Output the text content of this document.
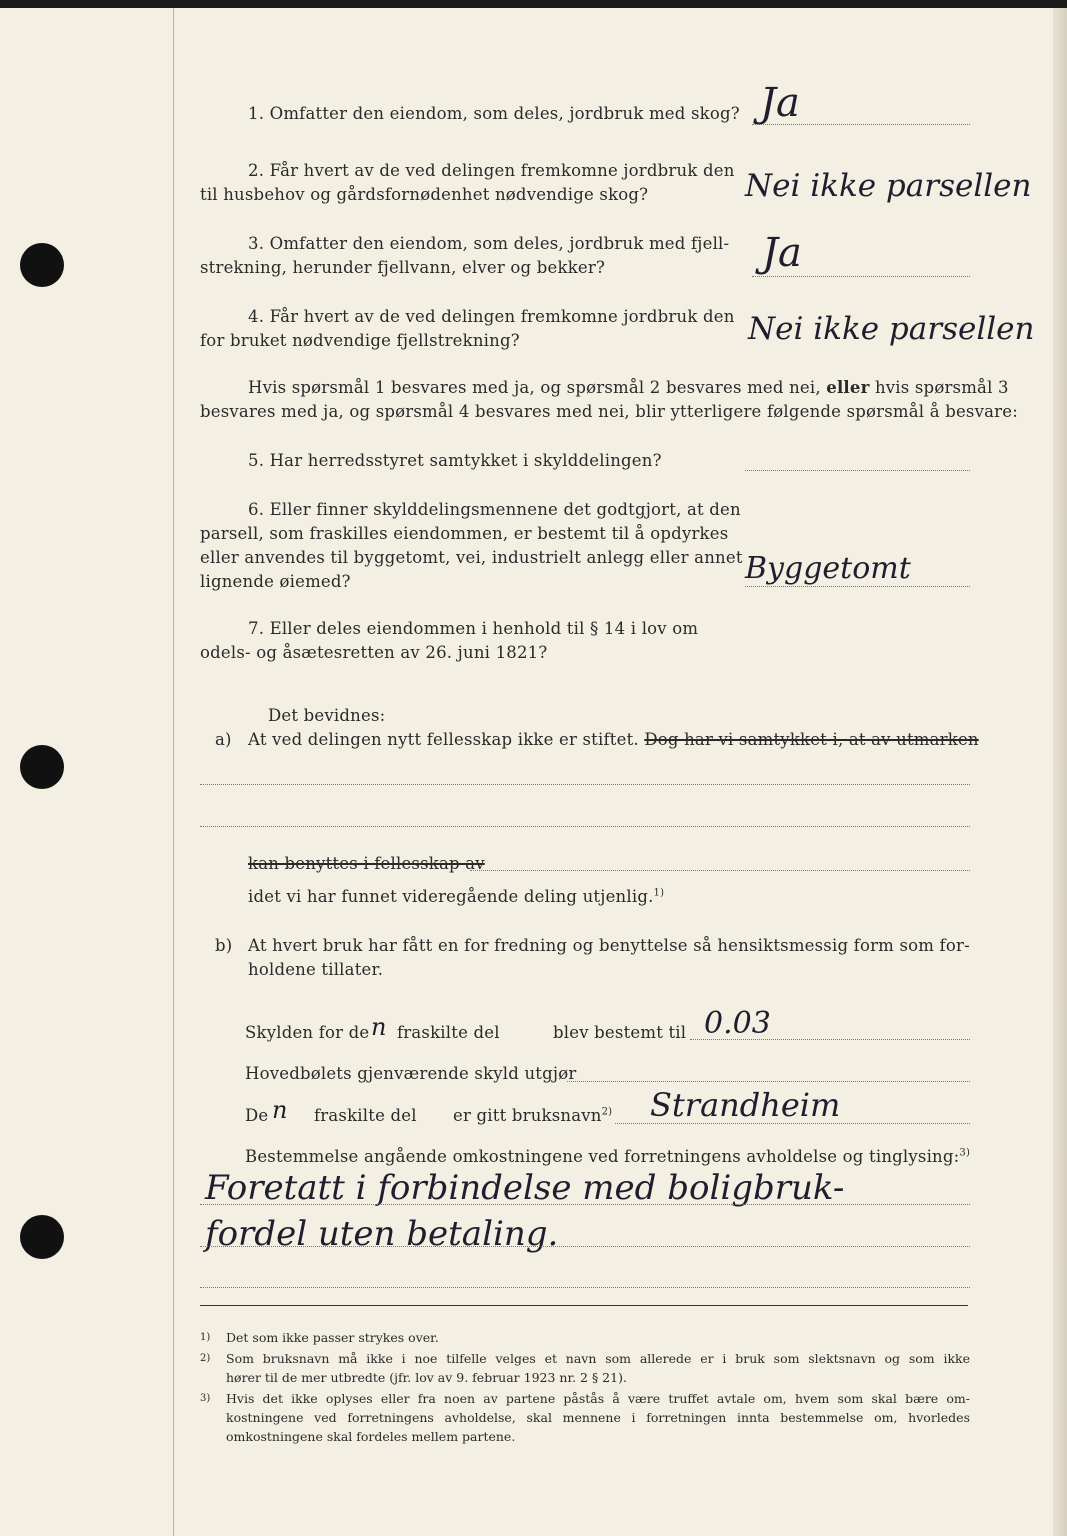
1. Omfatter den eiendom, som deles, jordbruk med skog? Ja
2. Får hvert av de ved delingen fremkomne jordbruk den
til husbehov og gårdsfornødenhet nødvendige skog?	Nei ikke parsellen
3. Omfatter den eiendom, som deles, jordbruk med fjell-
strekning, herunder fjellvann, elver og bekker?	Ja
4. Får hvert av de ved delingen fremkomne jordbruk den
for bruket nødvendige fjellstrekning?	Nei ikke parsellen
Hvis spørsmål 1 besvares med ja, og spørsmål 2 besvares med nei, eller hvis spørsmål 3
besvares med ja, og spørsmål 4 besvares med nei, blir ytterligere følgende spørsmål å besvare:
5. Har herredsstyret samtykket i skylddelingen?
6. Eller finner skylddelingsmennene det godtgjort, at den
parsell, som fraskilles eiendommen, er bestemt til å opdyrkes
eller anvendes til byggetomt, vei, industrielt anlegg eller annet
lignende øiemed?	Byggetomt
7. Eller deles eiendommen i henhold til § 14 i lov om
odels- og åsætesretten av 26. juni 1821?
Det bevidnes:
a) At ved delingen nytt fellesskap ikke er stiftet. Dog har vi samtykket i, at av utmarken
kan benyttes i fellesskap av
idet vi har funnet videregående deling utjenlig.$^{1)}$
b) At hvert bruk har fått en for fredning og benyttelse så hensiktsmessig form som for-
holdene tillater.
Skylden for de n fraskilte del	blev bestemt til 0.03
Hovedbølets gjenværende skyld utgjør
De n fraskilte del er gitt bruksnavn$^{2)}$ Strandheim
Bestemmelse angående omkostningene ved forretningens avholdelse og tinglysing:$^{3)}$
Foretatt i forbindelse med boligbruk-
fordel uten betaling.
1) Det som ikke passer strykes over.
2) Som bruksnavn må ikke i noe tilfelle velges et navn som allerede er i bruk som slektsnavn og som ikke
hører til de mer utbredte (jfr. lov av 9. februar 1923 nr. 2 § 21).
3) Hvis det ikke oplyses eller fra noen av partene påstås å være truffet avtale om, hvem som skal bære om-
kostningene ved forretningens avholdelse, skal mennene i forretningen innta bestemmelse om, hvorledes
omkostningene skal fordeles mellem partene.
